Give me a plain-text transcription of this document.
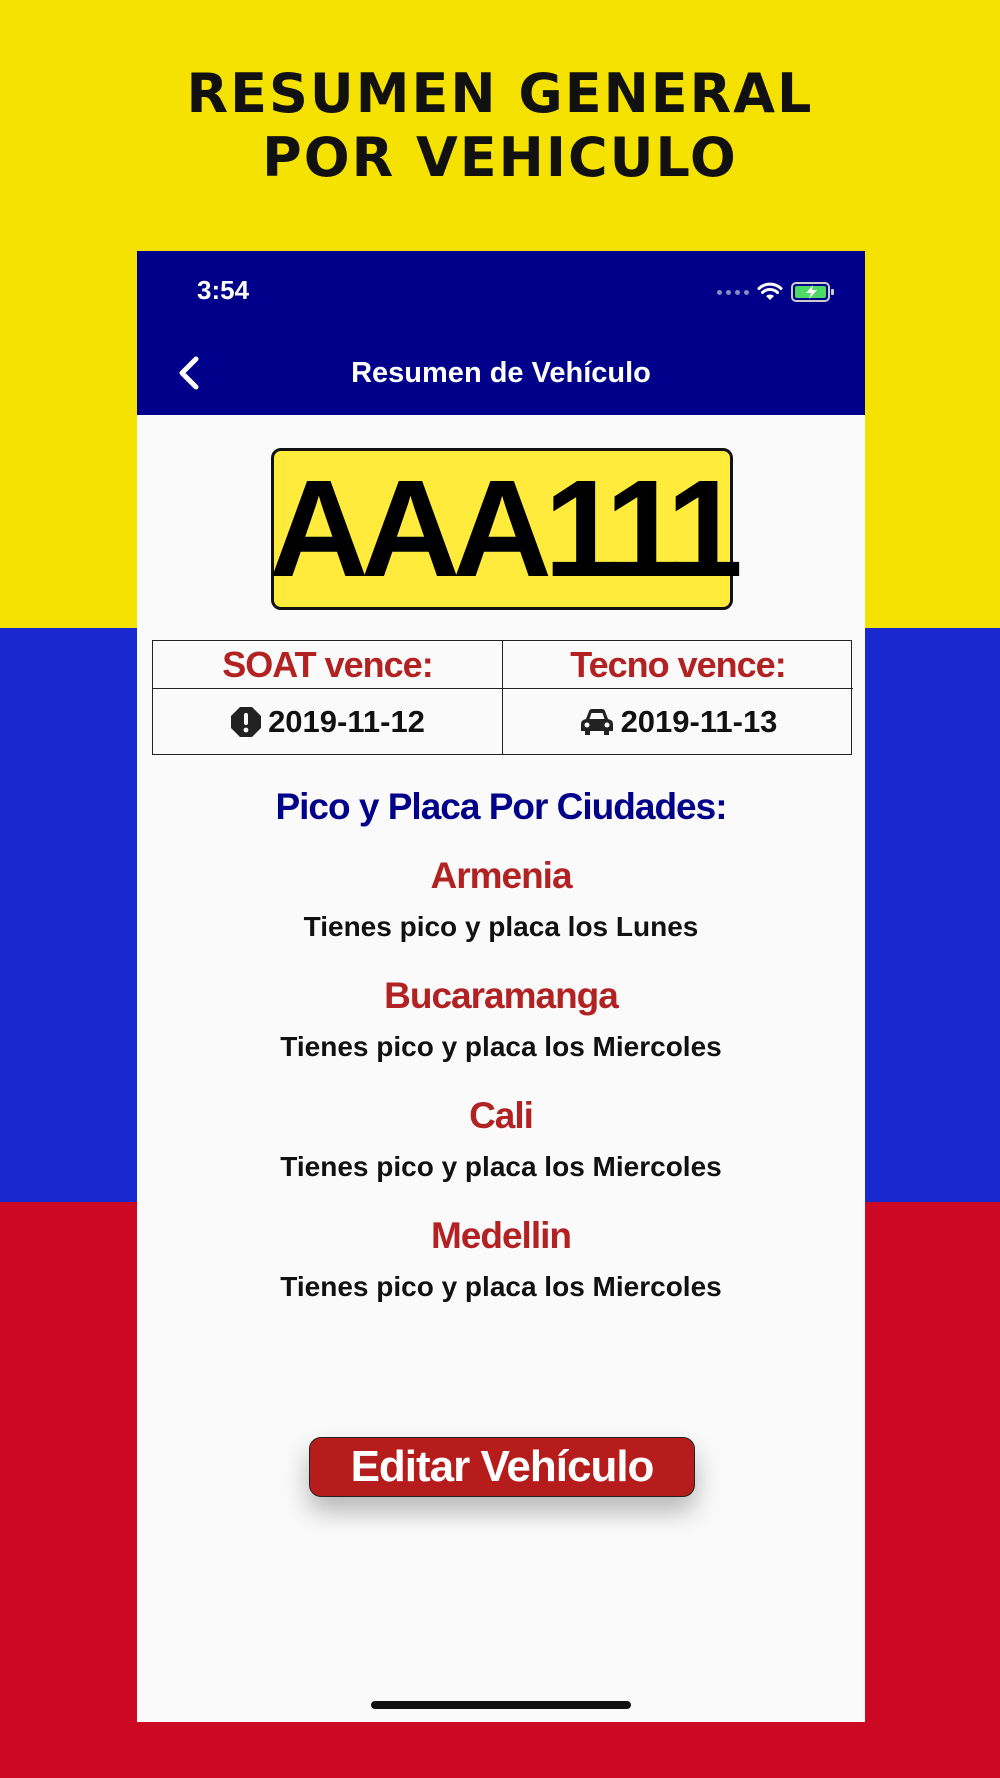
RESUMEN GENERAL
POR VEHICULO
3:54
Resumen de Vehículo
AAA111
SOAT vence:	Tecno vence:
2019-11-12	2019-11-13
Pico y Placa Por Ciudades:
Armenia
Tienes pico y placa los Lunes
Bucaramanga
Tienes pico y placa los Miercoles
Cali
Tienes pico y placa los Miercoles
Medellin
Tienes pico y placa los Miercoles
Editar Vehículo
